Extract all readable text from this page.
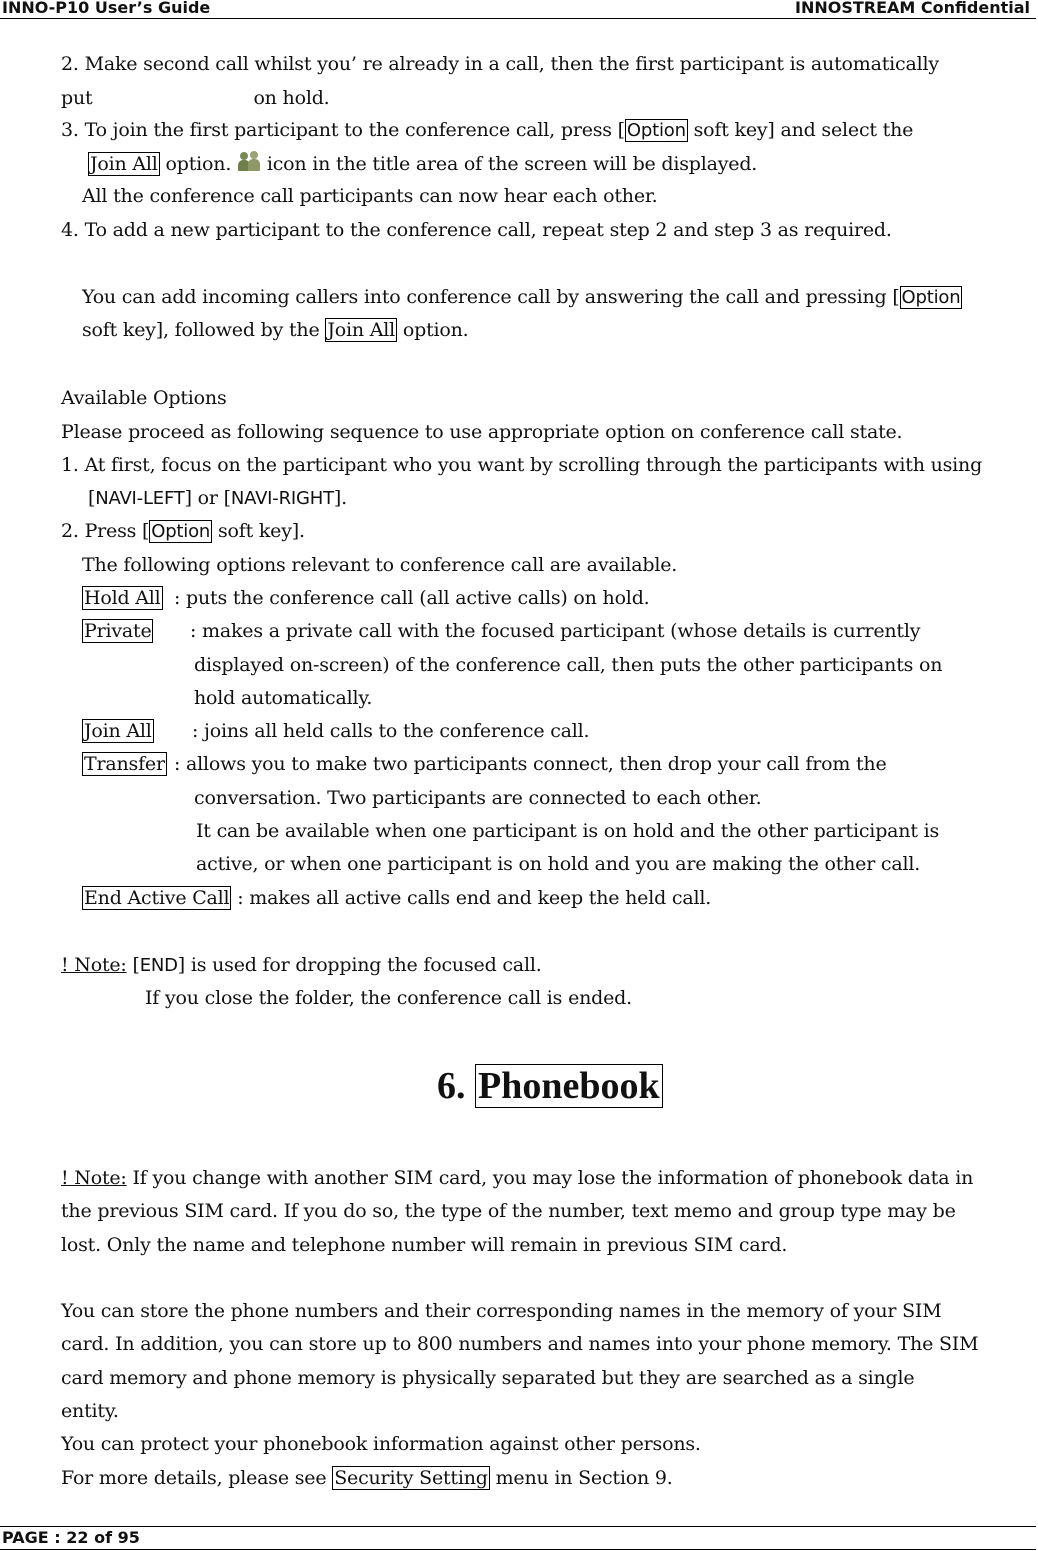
INNO-P10 User’s Guide	INNOSTREAM Confidential
2. Make second call whilst you’ re already in a call, then the first participant is automatically
put	on hold.
3. To join the first participant to the conference call, press [ Option soft key] and select the
Join All option. icon in the title area of the screen will be displayed.
All the conference call participants can now hear each other.
4. To add a new participant to the conference call, repeat step 2 and step 3 as required.
You can add incoming callers into conference call by answering the call and pressing [ Option
soft key], followed by the Join All option.
Available Options
Please proceed as following sequence to use appropriate option on conference call state.
1. At first, focus on the participant who you want by scrolling through the participants with using
[NAVI-LEFT] or [NAVI-RIGHT].
2. Press [ Option soft key].
The following options relevant to conference call are available.
Hold All : puts the conference call (all active calls) on hold.
Private : makes a private call with the focused participant (whose details is currently
displayed on-screen) of the conference call, then puts the other participants on
hold automatically.
Join All : joins all held calls to the conference call.
Transfer : allows you to make two participants connect, then drop your call from the
conversation. Two participants are connected to each other.
It can be available when one participant is on hold and the other participant is
active, or when one participant is on hold and you are making the other call.
End Active Call : makes all active calls end and keep the held call.
! Note: [END] is used for dropping the focused call.
If you close the folder, the conference call is ended.
6. Phonebook
! Note: If you change with another SIM card, you may lose the information of phonebook data in
the previous SIM card. If you do so, the type of the number, text memo and group type may be
lost. Only the name and telephone number will remain in previous SIM card.
You can store the phone numbers and their corresponding names in the memory of your SIM
card. In addition, you can store up to 800 numbers and names into your phone memory. The SIM
card memory and phone memory is physically separated but they are searched as a single
entity.
You can protect your phonebook information against other persons.
For more details, please see Security Setting menu in Section 9.
PAGE : 22 of 95
